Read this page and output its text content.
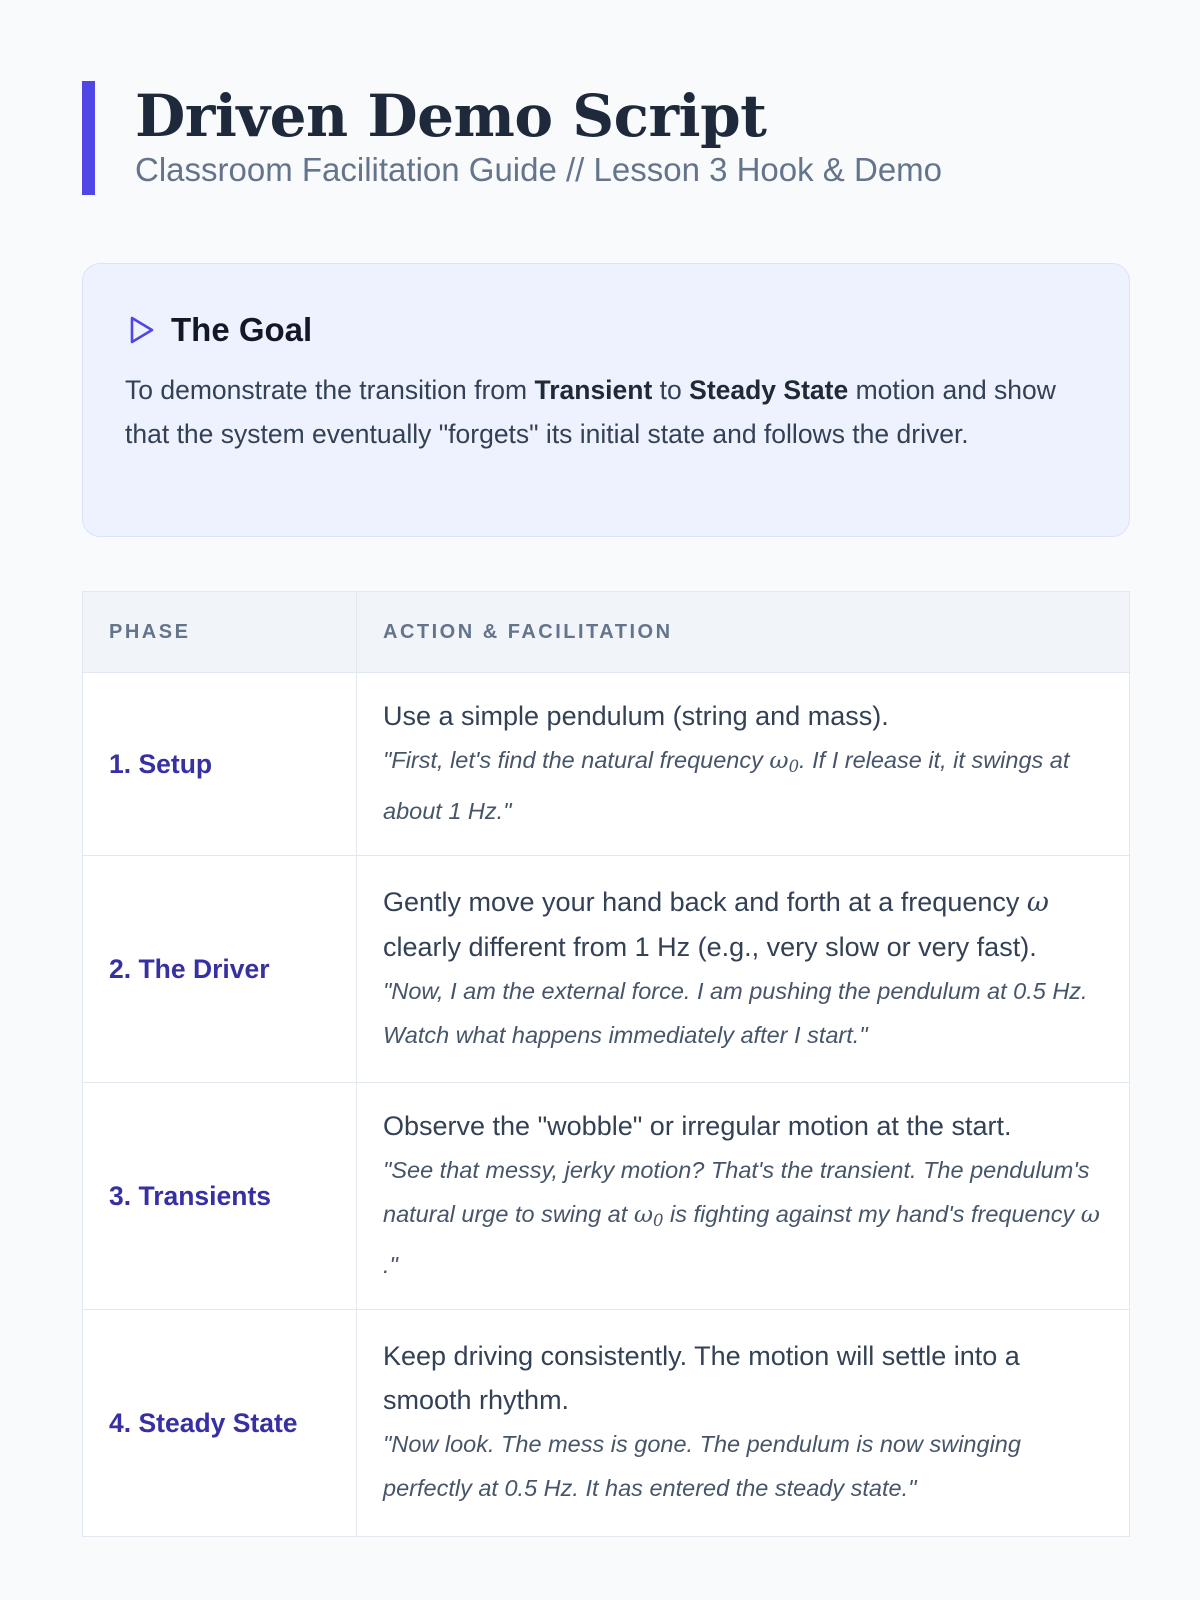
Driven Demo Script
Classroom Facilitation Guide // Lesson 3 Hook & Demo
The Goal
To demonstrate the transition from Transient to Steady State motion and show that the system eventually "forgets" its initial state and follows the driver.
PHASE	ACTION & FACILITATION
1. Setup	Use a simple pendulum (string and mass).
"First, let's find the natural frequency $\omega_0$. If I release it, it swings at about 1 Hz."

2. The Driver	Gently move your hand back and forth at a frequency ω clearly different from 1 Hz (e.g., very slow or very fast).
"Now, I am the external force. I am pushing the pendulum at 0.5 Hz. Watch what happens immediately after I start."

3. Transients	Observe the "wobble" or irregular motion at the start.
"See that messy, jerky motion? That's the transient. The pendulum's natural urge to swing at $\omega_0$ is fighting against my hand's frequency ω ."

4. Steady State	Keep driving consistently. The motion will settle into a smooth rhythm.
"Now look. The mess is gone. The pendulum is now swinging perfectly at 0.5 Hz. It has entered the steady state."
